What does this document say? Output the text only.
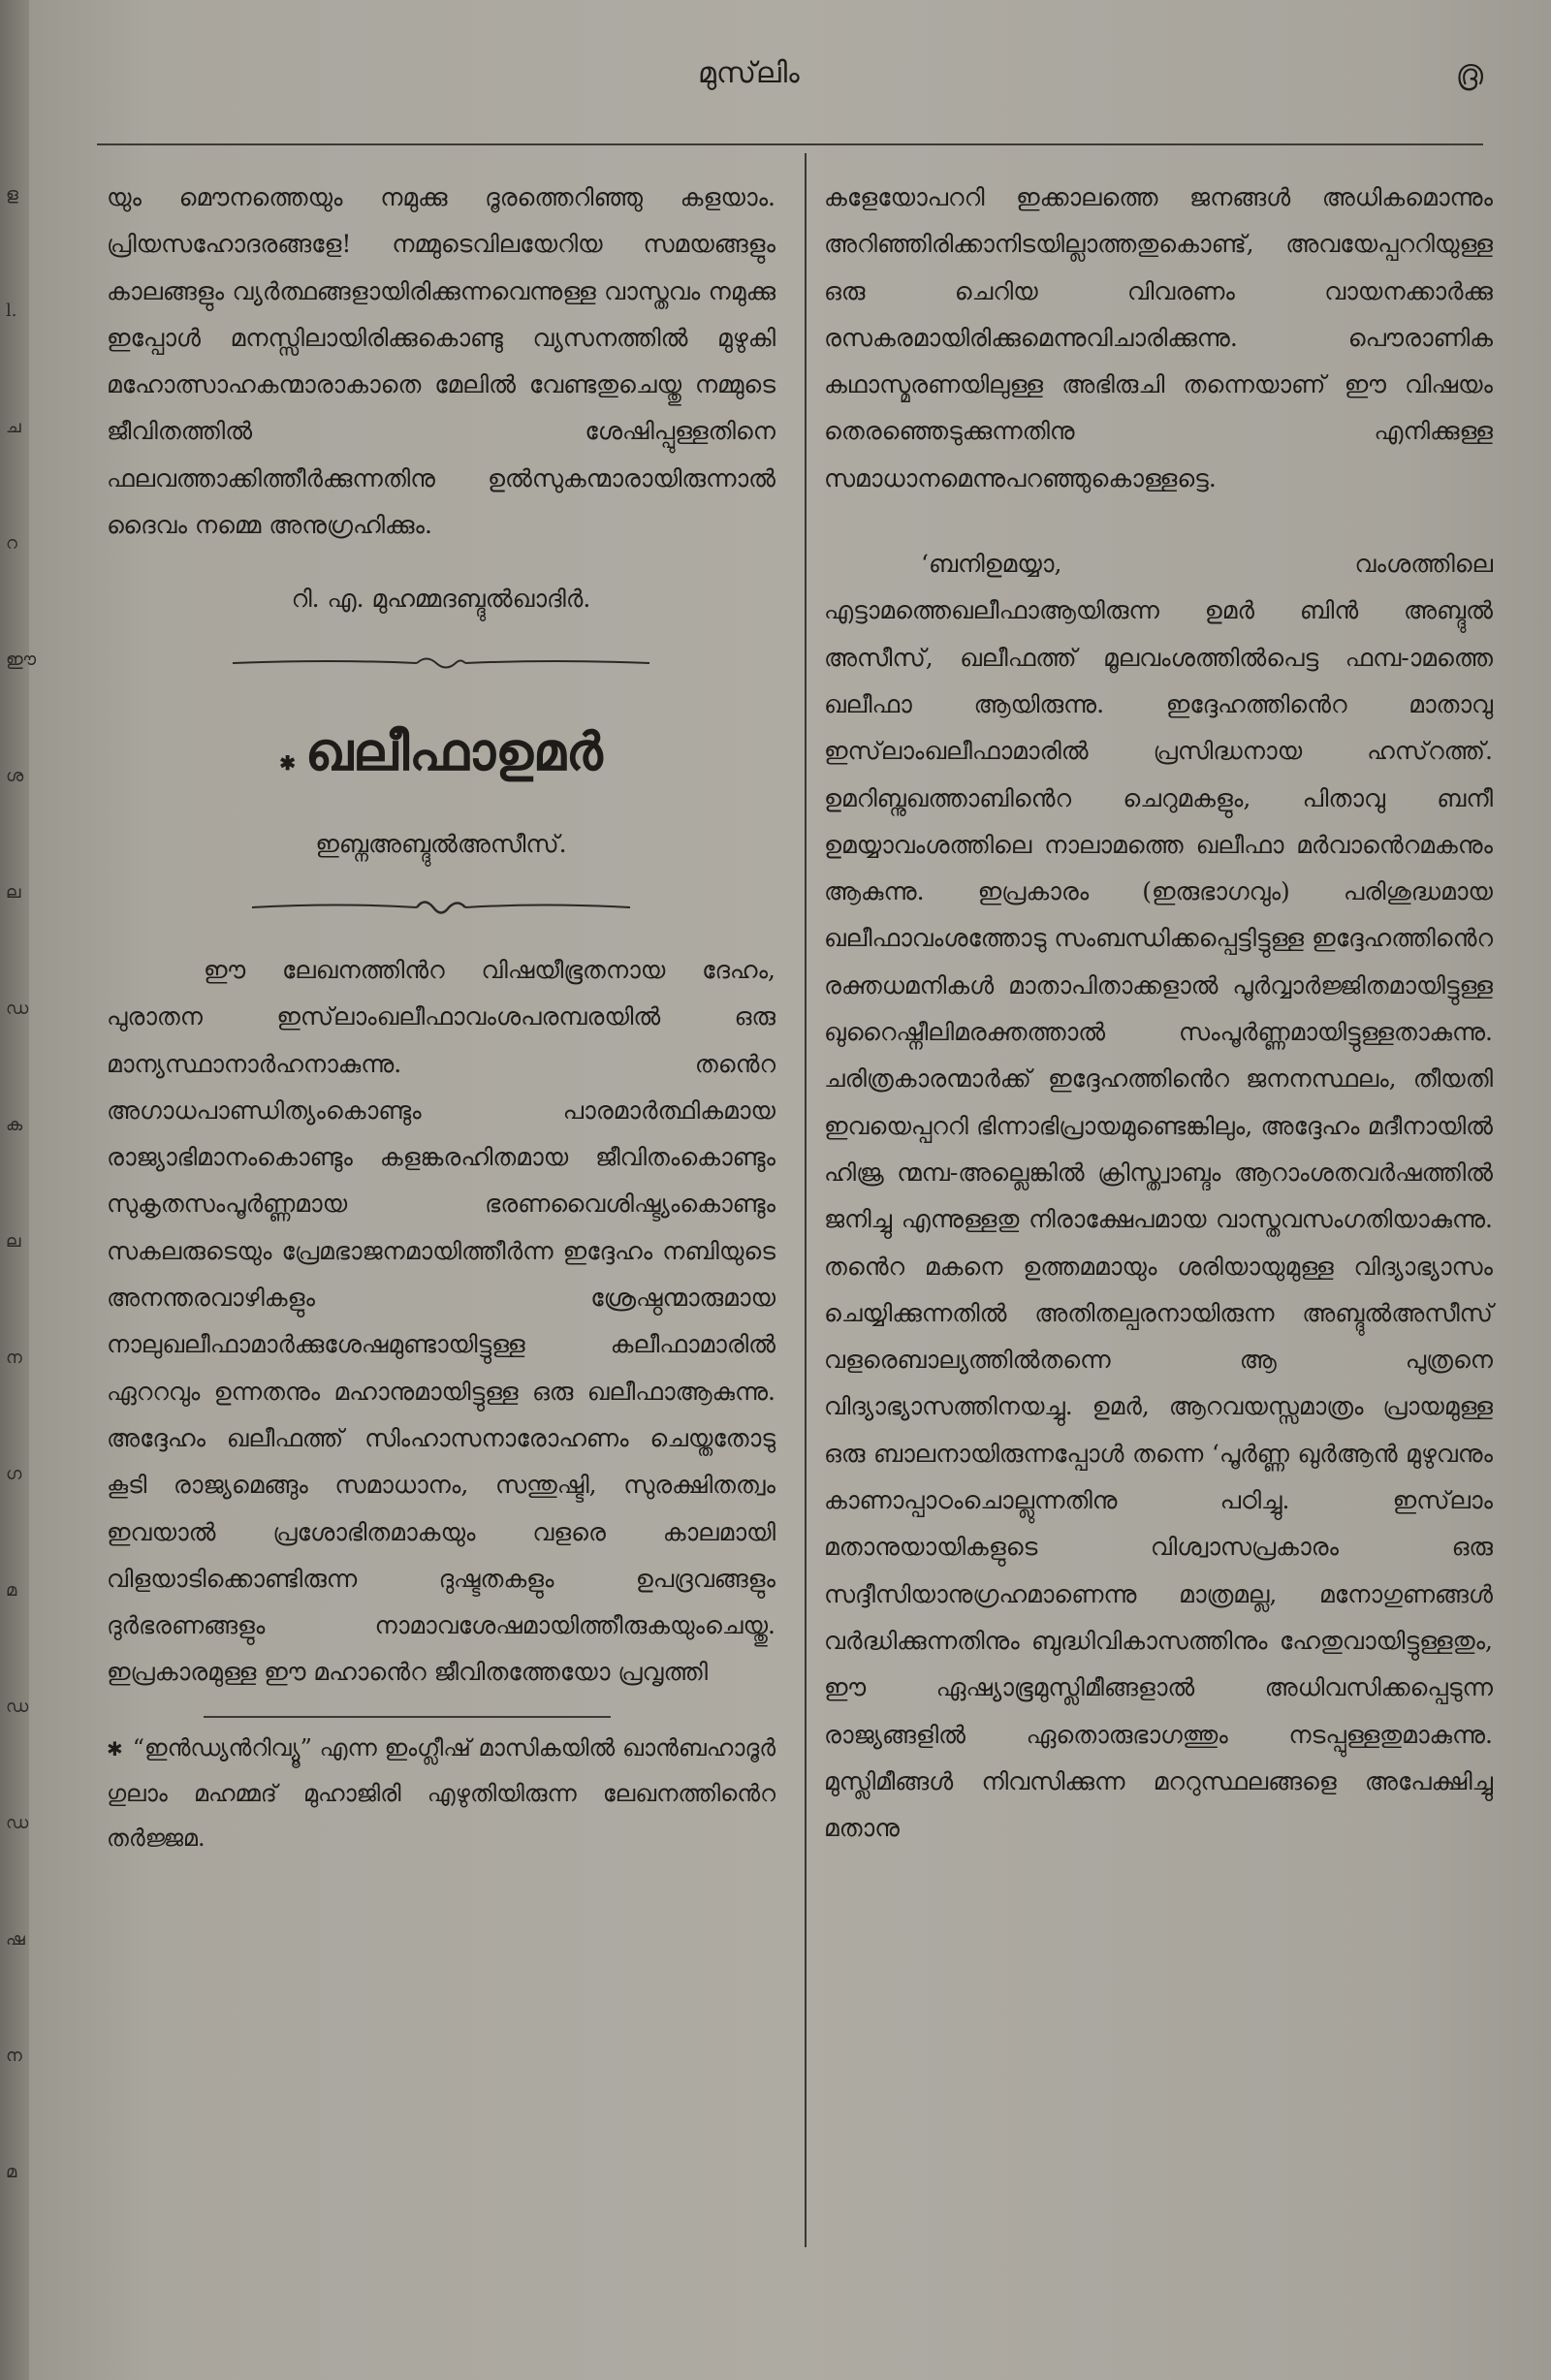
മുസ്‌ലിം	൫

യും മൌനത്തെയും നമുക്കു ദൂരത്തെറിഞ്ഞു കളയാം. പ്രിയസഹോദരങ്ങളേ! നമ്മുടെവിലയേറിയ സമയങ്ങളും കാലങ്ങളും വ്യർത്ഥങ്ങളായിരിക്കുന്നവെന്നുള്ള വാസ്തവം നമുക്കു ഇപ്പോൾ മനസ്സിലായിരിക്കുകൊണ്ടു വ്യസനത്തിൽ മുഴുകി മഹോത്സാഹകന്മാരാകാതെ മേലിൽ വേണ്ടതുചെയ്തു നമ്മുടെ ജീവിതത്തിൽ ശേഷിപ്പുള്ളതിനെ ഫലവത്താക്കിത്തീർക്കുന്നതിനു ഉൽസുകന്മാരായിരുന്നാൽ ദൈവം നമ്മെ അനുഗ്രഹിക്കും.

റി. എ. മുഹമ്മദബ്ദുൽഖാദിർ.

✱ ഖലീഫാഉമർ

ഇബ്നഅബ്ദുൽഅസീസ്.

ഈ ലേഖനത്തിൻറ വിഷയീഭൂതനായ ദേഹം, പുരാതന ഇസ്‌ലാംഖലീഫാവംശപരമ്പരയിൽ ഒരു മാന്യസ്ഥാനാർഹനാകുന്നു. തൻെറ അഗാധപാണ്ഡിത്യംകൊണ്ടും പാരമാർത്ഥികമായ രാജ്യാഭിമാനംകൊണ്ടും കളങ്കരഹിതമായ ജീവിതംകൊണ്ടും സുകൃതസംപൂർണ്ണമായ ഭരണവൈശിഷ്ട്യംകൊണ്ടും സകലരുടെയും പ്രേമഭാജനമായിത്തീർന്ന ഇദ്ദേഹം നബിയുടെ അനന്തരവാഴികളും ശ്രേഷ്ഠന്മാരുമായ നാലുഖലീഫാമാർക്കുശേഷമുണ്ടായിട്ടുള്ള കലീഫാമാരിൽ ഏററവും ഉന്നതനും മഹാനുമായിട്ടുള്ള ഒരു ഖലീഫാആകുന്നു. അദ്ദേഹം ഖലീഫത്ത് സിംഹാസനാരോഹണം ചെയ്തതോടു കൂടി രാജ്യമെങ്ങും സമാധാനം, സന്തുഷ്ടി, സുരക്ഷിതത്വം ഇവയാൽ പ്രശോഭിതമാകയും വളരെ കാലമായി വിളയാടിക്കൊണ്ടിരുന്ന ദുഷ്ടതകളും ഉപദ്രവങ്ങളും ദുർഭരണങ്ങളും നാമാവശേഷമായിത്തീരുകയുംചെയ്തു. ഇപ്രകാരമുള്ള ഈ മഹാൻെറ ജീവിതത്തേയോ പ്രവൃത്തി

✱ “ഇൻഡ്യൻറിവ്യൂ” എന്ന ഇംഗ്ലീഷ് മാസികയിൽ ഖാൻബഹാദൂർ ഗുലാം മഹമ്മദ് മുഹാജിരി എഴുതിയിരുന്ന ലേഖനത്തിൻെറ തർജ്ജമ.

കളേയോപററി ഇക്കാലത്തെ ജനങ്ങൾ അധികമൊന്നും അറിഞ്ഞിരിക്കാനിടയില്ലാത്തതുകൊണ്ട്, അവയേപ്പററിയുള്ള ഒരു ചെറിയ വിവരണം വായനക്കാർക്കു രസകരമായിരിക്കുമെന്നുവിചാരിക്കുന്നു. പൌരാണിക കഥാസ്മരണയിലുള്ള അഭിരുചി തന്നെയാണ് ഈ വിഷയം തെരഞ്ഞെടുക്കുന്നതിനു എനിക്കുള്ള സമാധാനമെന്നുപറഞ്ഞുകൊള്ളട്ടെ.

‘ബനിഉമയ്യാ, വംശത്തിലെ എട്ടാമത്തെഖലീഫാആയിരുന്ന ഉമർ ബിൻ അബ്ദുൽ അസീസ്, ഖലീഫത്ത് മൂലവംശത്തിൽപെട്ട ഫമ്പ-ാമത്തെ ഖലീഫാ ആയിരുന്നു. ഇദ്ദേഹത്തിൻെറ മാതാവു ഇസ്‌ലാംഖലീഫാമാരിൽ പ്രസിദ്ധനായ ഹസ്‌റത്ത്. ഉമറിബ്നുഖത്താബിൻെറ ചെറുമകളും, പിതാവു ബനീ ഉമയ്യാവംശത്തിലെ നാലാമത്തെ ഖലീഫാ മർവാൻെറമകനും ആകുന്നു. ഇപ്രകാരം (ഇരുഭാഗവും) പരിശുദ്ധമായ ഖലീഫാവംശത്തോടു സംബന്ധിക്കപ്പെട്ടിട്ടുള്ള ഇദ്ദേഹത്തിൻെറ രക്തധമനികൾ മാതാപിതാക്കളാൽ പൂർവ്വാർജ്ജിതമായിട്ടുള്ള ഖുറൈഷ്നീലിമരക്തത്താൽ സംപൂർണ്ണമായിട്ടുള്ളതാകുന്നു. ചരിത്രകാരന്മാർക്ക് ഇദ്ദേഹത്തിൻെറ ജനനസ്ഥലം, തീയതി ഇവയെപ്പററി ഭിന്നാഭിപ്രായമുണ്ടെങ്കിലും, അദ്ദേഹം മദീനായിൽ ഹിജ്ര ന്മമ്പ-അല്ലെങ്കിൽ ക്രിസ്ത്വാബ്ദം ആറാംശതവർഷത്തിൽ ജനിച്ചു എന്നുള്ളതു നിരാക്ഷേപമായ വാസ്തവസംഗതിയാകുന്നു. തൻെറ മകനെ ഉത്തമമായും ശരിയായുമുള്ള വിദ്യാഭ്യാസം ചെയ്യിക്കുന്നതിൽ അതിതല്പരനായിരുന്ന അബ്ദുൽഅസീസ് വളരെബാല്യത്തിൽതന്നെ ആ പുത്രനെ വിദ്യാഭ്യാസത്തിനയച്ചു. ഉമർ, ആറവയസ്സമാത്രം പ്രായമുള്ള ഒരു ബാലനായിരുന്നപ്പോൾ തന്നെ ‘പൂർണ്ണ ഖുർആൻ മുഴുവനും കാണാപ്പാഠംചൊല്ലുന്നതിനു പഠിച്ചു. ഇസ്‌ലാം മതാനുയായികളുടെ വിശ്വാസപ്രകാരം ഒരു സദ്ദീസിയാനുഗ്രഹമാണെന്നു മാത്രമല്ല, മനോഗുണങ്ങൾ വർദ്ധിക്കുന്നതിനും ബുദ്ധിവികാസത്തിനും ഹേതുവായിട്ടുള്ളതും, ഈ ഏഷ്യാഭൂമുസ്ലിമീങ്ങളാൽ അധിവസിക്കപ്പെടുന്ന രാജ്യങ്ങളിൽ ഏതൊരുഭാഗത്തും നടപ്പുള്ളതുമാകുന്നു. മുസ്ലിമീങ്ങൾ നിവസിക്കുന്ന മററുസ്ഥലങ്ങളെ അപേക്ഷിച്ചു മതാനു

ള
l.
ച
റ
ഈ
ശ
ല
ഡ
ക
ല
ന
ഗ
മ
ഡ
ഡ
ഷ
ന
മ
